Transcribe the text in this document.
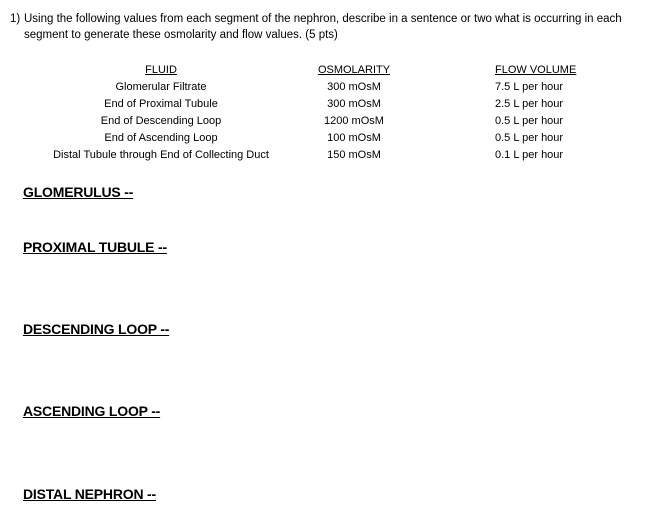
1) Using the following values from each segment of the nephron, describe in a sentence or two what is occurring in each
segment to generate these osmolarity and flow values. (5 pts)
FLUID
Glomerular Filtrate
End of Proximal Tubule
End of Descending Loop
End of Ascending Loop
Distal Tubule through End of Collecting Duct
OSMOLARITY
300 mOsM
300 mOsM
1200 mOsM
100 mOsM
150 mOsM
FLOW VOLUME
7.5 L per hour
2.5 L per hour
0.5 L per hour
0.5 L per hour
0.1 L per hour
GLOMERULUS --
PROXIMAL TUBULE --
DESCENDING LOOP --
ASCENDING LOOP --
DISTAL NEPHRON --
